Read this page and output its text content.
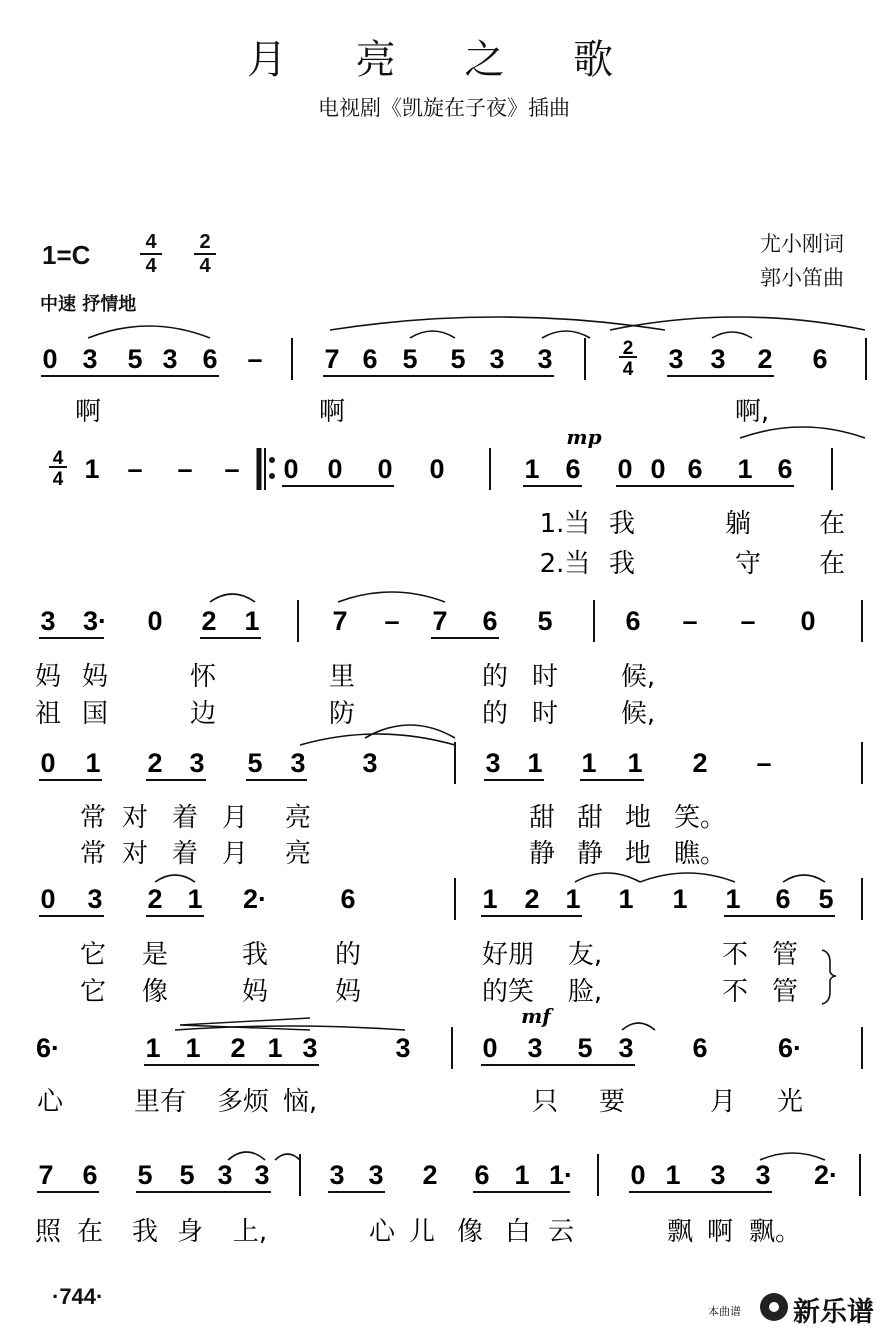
月 亮 之 歌
电视剧《凯旋在子夜》插曲
尤小刚词
郭小笛曲
1=C	4
4
2
4
中速 抒情地
0 3 5 3 6 – 7 6 5 5 3 3	2
4 3 3 2 6
4
4 1 – – – 0 0 0 0	1 6 0 0 6 1 6
mp
3 3· 0 2 1	7 – 7 6 5	6 – – 0
0 1 2 3 5 3 3	3 1 1 1 2 –
0 3 2 1 2·	6	1 2 1 1 1 1 6 5
6·	1 1 2 1 3	3	0 3 5 3 6	6·
mf
7 6 5 5 3 3 3 3 2 6 1 1· 0 1 3 3 2·
啊	啊	啊,
1.当 我	躺	在
2.当 我	守 在
妈 妈	怀	里	的 时 候,
祖 国	边	防	的 时 候,
常 对 着 月 亮	甜 甜 地 笑。
常 对 着 月 亮	静 静 地 瞧。
它 是	我	的	好朋 友,	不 管
它 像	妈	妈	的笑 脸,	不 管
心	里有 多烦 恼,	只 要	月 光
照 在 我 身 上,	心 儿 像 白 云	飘 啊 飘。
·744·
本曲谱 新乐谱
